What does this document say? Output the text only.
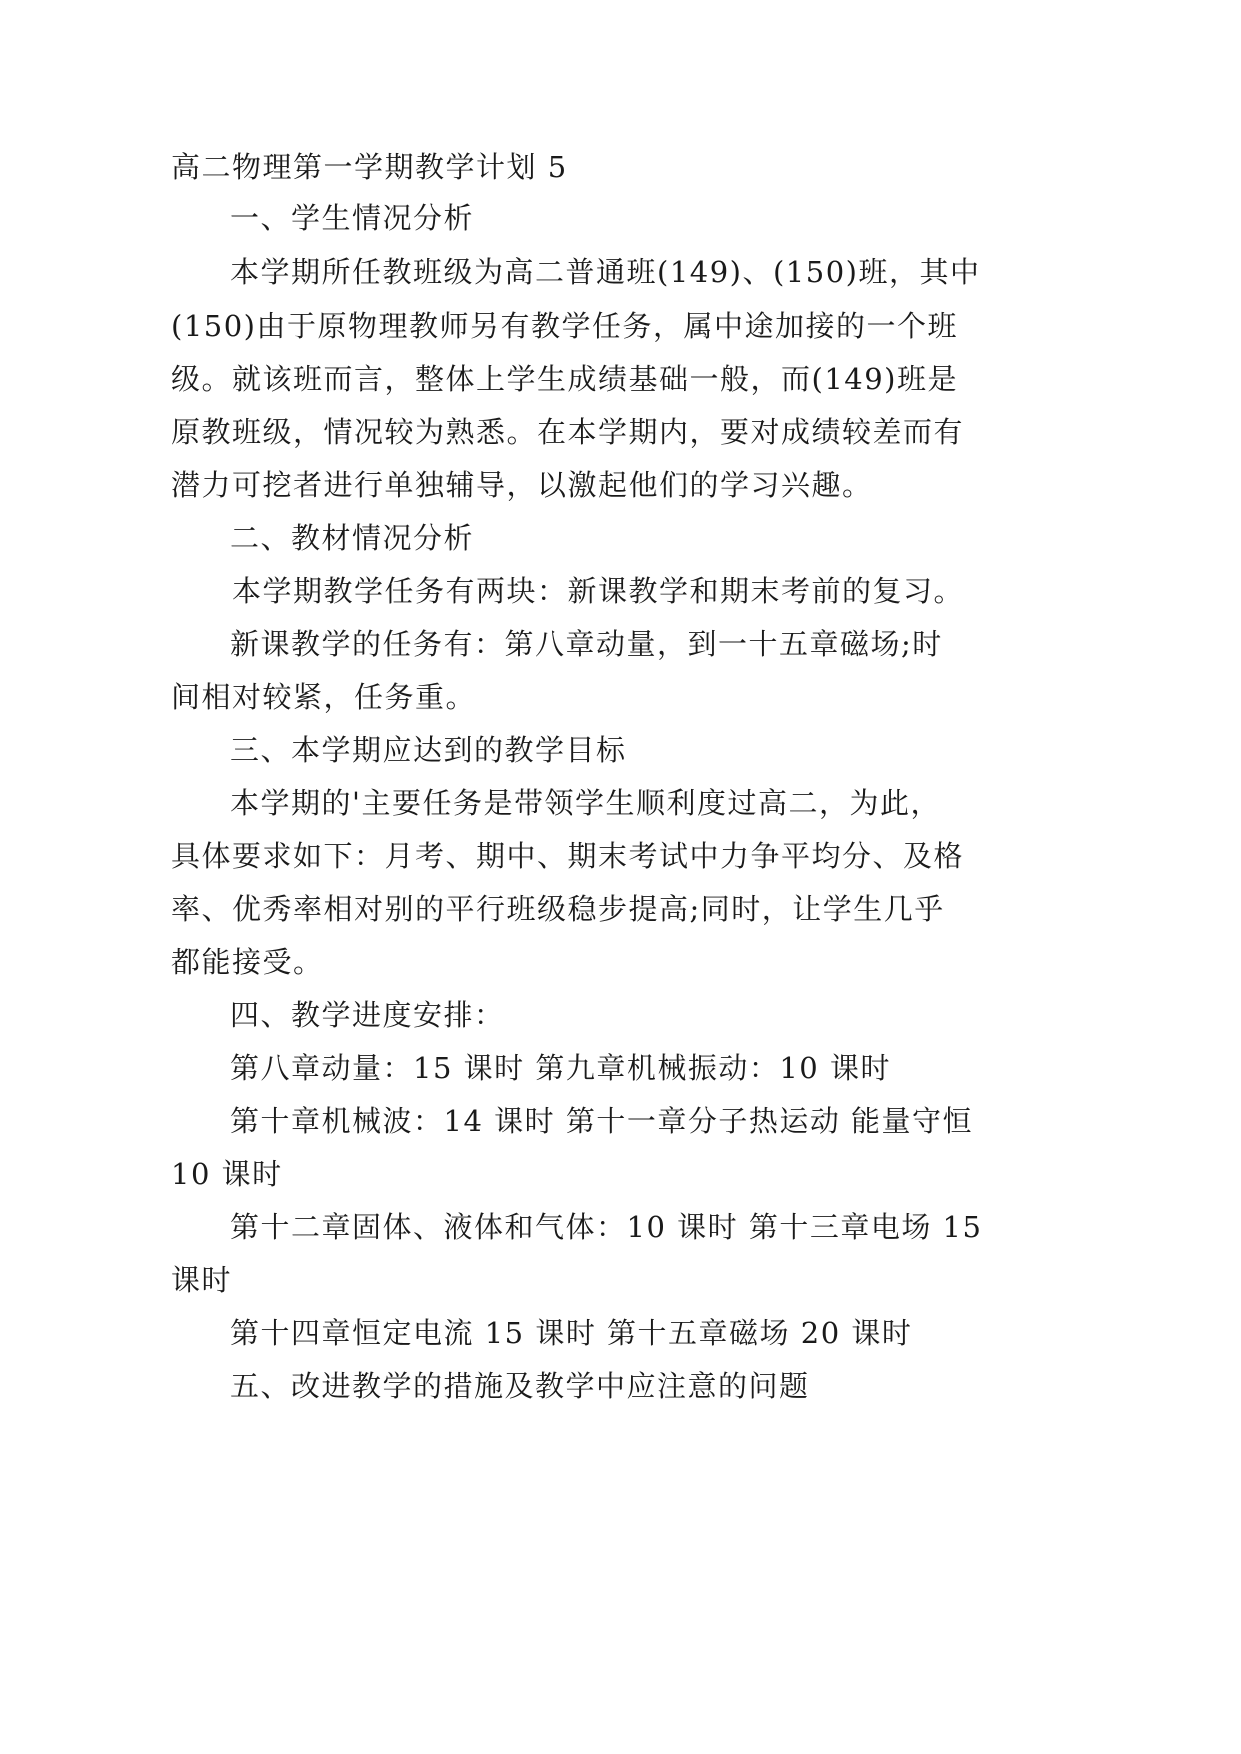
高二物理第一学期教学计划 5

一、学生情况分析

本学期所任教班级为高二普通班(149)、(150)班，其中

(150)由于原物理教师另有教学任务，属中途加接的一个班

级。就该班而言，整体上学生成绩基础一般，而(149)班是

原教班级，情况较为熟悉。在本学期内，要对成绩较差而有

潜力可挖者进行单独辅导，以激起他们的学习兴趣。

二、教材情况分析

本学期教学任务有两块：新课教学和期末考前的复习。

新课教学的任务有：第八章动量，到一十五章磁场;时

间相对较紧，任务重。

三、本学期应达到的教学目标

本学期的'主要任务是带领学生顺利度过高二，为此，

具体要求如下：月考、期中、期末考试中力争平均分、及格

率、优秀率相对别的平行班级稳步提高;同时，让学生几乎

都能接受。

四、教学进度安排：

第八章动量：15 课时 第九章机械振动：10 课时

第十章机械波：14 课时 第十一章分子热运动 能量守恒

10 课时

第十二章固体、液体和气体：10 课时 第十三章电场 15

课时

第十四章恒定电流 15 课时 第十五章磁场 20 课时

五、改进教学的措施及教学中应注意的问题
